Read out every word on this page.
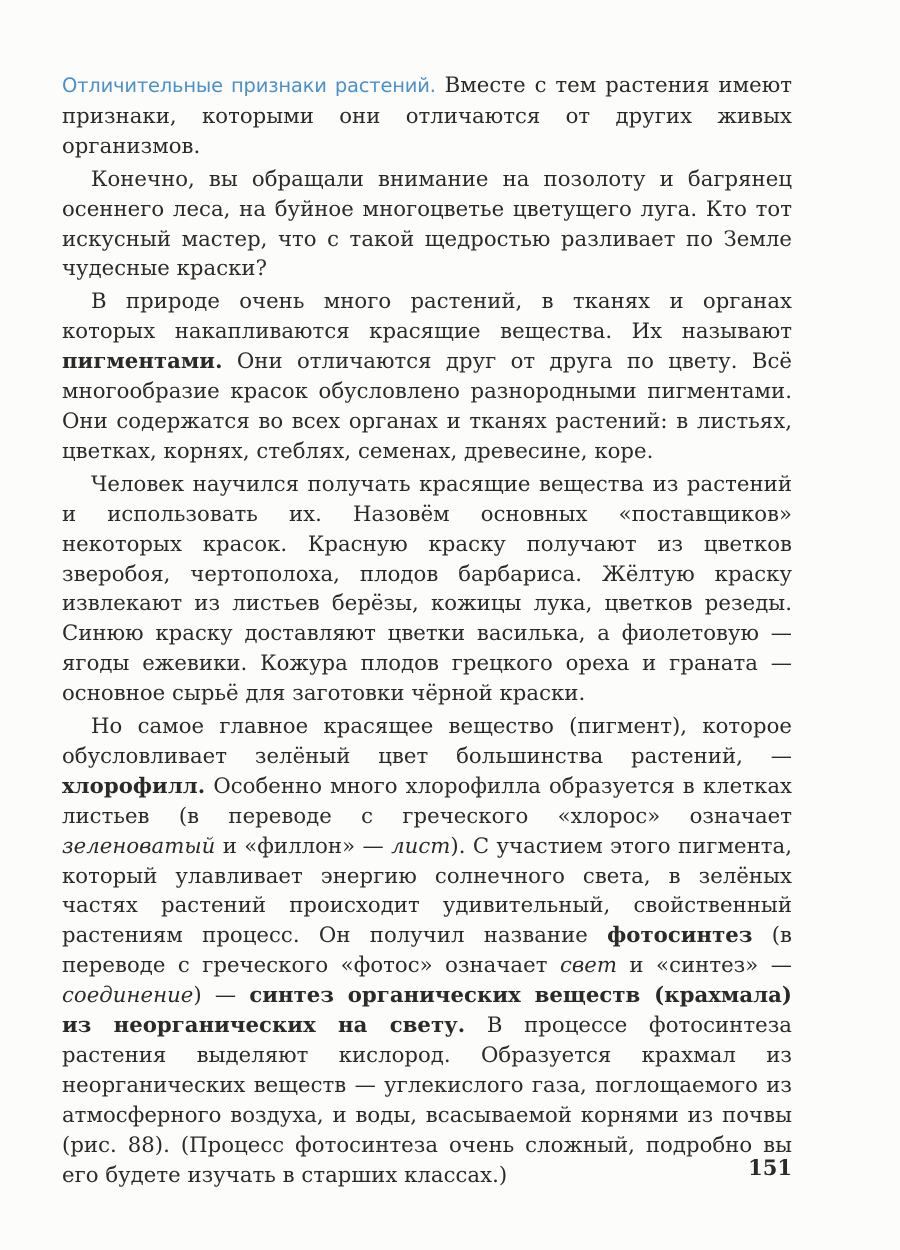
Отличительные признаки растений. Вместе с тем растения имеют признаки, которыми они отличаются от других живых организмов.

Конечно, вы обращали внимание на позолоту и багрянец осеннего леса, на буйное многоцветье цветущего луга. Кто тот искусный мастер, что с такой щедростью разливает по Земле чудесные краски?

В природе очень много растений, в тканях и органах которых накапливаются красящие вещества. Их называют пигментами. Они отличаются друг от друга по цвету. Всё многообразие красок обусловлено разнородными пигментами. Они содержатся во всех органах и тканях растений: в листьях, цветках, корнях, стеблях, семенах, древесине, коре.

Человек научился получать красящие вещества из растений и использовать их. Назовём основных «поставщиков» некоторых красок. Красную краску получают из цветков зверобоя, чертополоха, плодов барбариса. Жёлтую краску извлекают из листьев берёзы, кожицы лука, цветков резеды. Синюю краску доставляют цветки василька, а фиолетовую — ягоды ежевики. Кожура плодов грецкого ореха и граната — основное сырьё для заготовки чёрной краски.

Но самое главное красящее вещество (пигмент), которое обусловливает зелёный цвет большинства растений, — хлорофилл. Особенно много хлорофилла образуется в клетках листьев (в переводе с греческого «хлорос» означает зеленоватый и «филлон» — лист). С участием этого пигмента, который улавливает энергию солнечного света, в зелёных частях растений происходит удивительный, свойственный растениям процесс. Он получил название фотосинтез (в переводе с греческого «фотос» означает свет и «синтез» — соединение) — синтез органических веществ (крахмала) из неорганических на свету. В процессе фотосинтеза растения выделяют кислород. Образуется крахмал из неорганических веществ — углекислого газа, поглощаемого из атмосферного воздуха, и воды, всасываемой корнями из почвы (рис. 88). (Процесс фотосинтеза очень сложный, подробно вы его будете изучать в старших классах.)	151
